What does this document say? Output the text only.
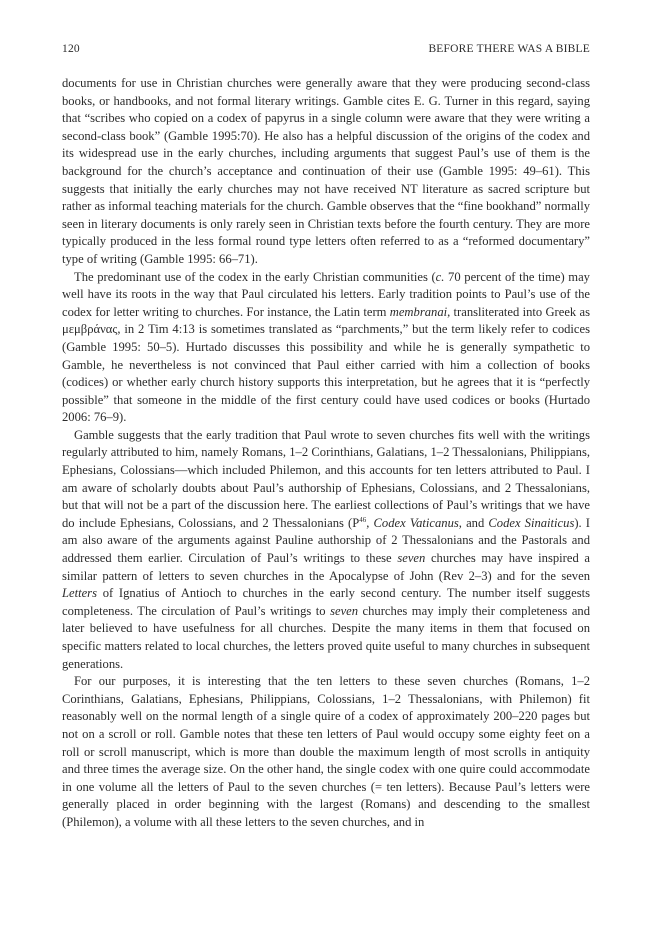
120	BEFORE THERE WAS A BIBLE

documents for use in Christian churches were generally aware that they were producing second-class books, or handbooks, and not formal literary writings. Gamble cites E. G. Turner in this regard, saying that “scribes who copied on a codex of papyrus in a single column were aware that they were writing a second-class book” (Gamble 1995:70). He also has a helpful discussion of the origins of the codex and its widespread use in the early churches, including arguments that suggest Paul’s use of them is the background for the church’s acceptance and continuation of their use (Gamble 1995: 49–61). This suggests that initially the early churches may not have received NT literature as sacred scripture but rather as informal teaching materials for the church. Gamble observes that the “fine bookhand” normally seen in literary documents is only rarely seen in Christian texts before the fourth century. They are more typically produced in the less formal round type letters often referred to as a “reformed documentary” type of writing (Gamble 1995: 66–71).

The predominant use of the codex in the early Christian communities (c. 70 percent of the time) may well have its roots in the way that Paul circulated his letters. Early tradition points to Paul’s use of the codex for letter writing to churches. For instance, the Latin term membranai, transliterated into Greek as μεμβράνας, in 2 Tim 4:13 is sometimes translated as “parchments,” but the term likely refer to codices (Gamble 1995: 50–5). Hurtado discusses this possibility and while he is generally sympathetic to Gamble, he nevertheless is not convinced that Paul either carried with him a collection of books (codices) or whether early church history supports this interpretation, but he agrees that it is “perfectly possible” that someone in the middle of the first century could have used codices or books (Hurtado 2006: 76–9).

Gamble suggests that the early tradition that Paul wrote to seven churches fits well with the writings regularly attributed to him, namely Romans, 1–2 Corinthians, Galatians, 1–2 Thessalonians, Philippians, Ephesians, Colossians—which included Philemon, and this accounts for ten letters attributed to Paul. I am aware of scholarly doubts about Paul’s authorship of Ephesians, Colossians, and 2 Thessalonians, but that will not be a part of the discussion here. The earliest collections of Paul’s writings that we have do include Ephesians, Colossians, and 2 Thessalonians ($P^{46}$, Codex Vaticanus, and Codex Sinaiticus). I am also aware of the arguments against Pauline authorship of 2 Thessalonians and the Pastorals and addressed them earlier. Circulation of Paul’s writings to these seven churches may have inspired a similar pattern of letters to seven churches in the Apocalypse of John (Rev 2–3) and for the seven Letters of Ignatius of Antioch to churches in the early second century. The number itself suggests completeness. The circulation of Paul’s writings to seven churches may imply their completeness and later believed to have usefulness for all churches. Despite the many items in them that focused on specific matters related to local churches, the letters proved quite useful to many churches in subsequent generations.

For our purposes, it is interesting that the ten letters to these seven churches (Romans, 1–2 Corinthians, Galatians, Ephesians, Philippians, Colossians, 1–2 Thessalonians, with Philemon) fit reasonably well on the normal length of a single quire of a codex of approximately 200–220 pages but not on a scroll or roll. Gamble notes that these ten letters of Paul would occupy some eighty feet on a roll or scroll manuscript, which is more than double the maximum length of most scrolls in antiquity and three times the average size. On the other hand, the single codex with one quire could accommodate in one volume all the letters of Paul to the seven churches (= ten letters). Because Paul’s letters were generally placed in order beginning with the largest (Romans) and descending to the smallest (Philemon), a volume with all these letters to the seven churches, and in
